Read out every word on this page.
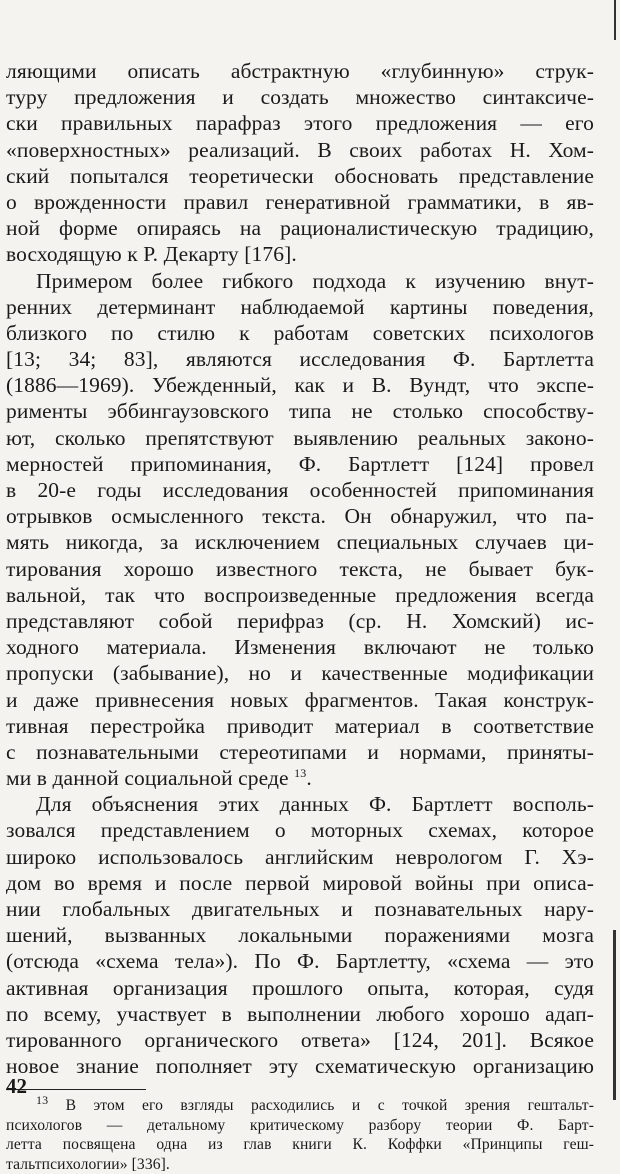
ляющими описать абстрактную «глубинную» струк-
туру предложения и создать множество синтаксиче-
ски правильных парафраз этого предложения — его
«поверхностных» реализаций. В своих работах Н. Хом-
ский попытался теоретически обосновать представление
о врожденности правил генеративной грамматики, в яв-
ной форме опираясь на рационалистическую традицию,
восходящую к Р. Декарту [176].
Примером более гибкого подхода к изучению внут-
ренних детерминант наблюдаемой картины поведения,
близкого по стилю к работам советских психологов
[13; 34; 83], являются исследования Ф. Бартлетта
(1886—1969). Убежденный, как и В. Вундт, что экспе-
рименты эббингаузовского типа не столько способству-
ют, сколько препятствуют выявлению реальных законо-
мерностей припоминания, Ф. Бартлетт [124] провел
в 20-е годы исследования особенностей припоминания
отрывков осмысленного текста. Он обнаружил, что па-
мять никогда, за исключением специальных случаев ци-
тирования хорошо известного текста, не бывает бук-
вальной, так что воспроизведенные предложения всегда
представляют собой перифраз (ср. Н. Хомский) ис-
ходного материала. Изменения включают не только
пропуски (забывание), но и качественные модификации
и даже привнесения новых фрагментов. Такая конструк-
тивная перестройка приводит материал в соответствие
с познавательными стереотипами и нормами, приняты-
ми в данной социальной среде $^{13}$.
Для объяснения этих данных Ф. Бартлетт восполь-
зовался представлением о моторных схемах, которое
широко использовалось английским неврологом Г. Хэ-
дом во время и после первой мировой войны при описа-
нии глобальных двигательных и познавательных нару-
шений, вызванных локальными поражениями мозга
(отсюда «схема тела»). По Ф. Бартлетту, «схема — это
активная организация прошлого опыта, которая, судя
по всему, участвует в выполнении любого хорошо адап-
тированного органического ответа» [124, 201]. Всякое
новое знание пополняет эту схематическую организацию
$^{13}$ В этом его взгляды расходились и с точкой зрения гештальт-
психологов — детальному критическому разбору теории Ф. Барт-
летта посвящена одна из глав книги К. Коффки «Принципы геш-
тальтпсихологии» [336].
42
